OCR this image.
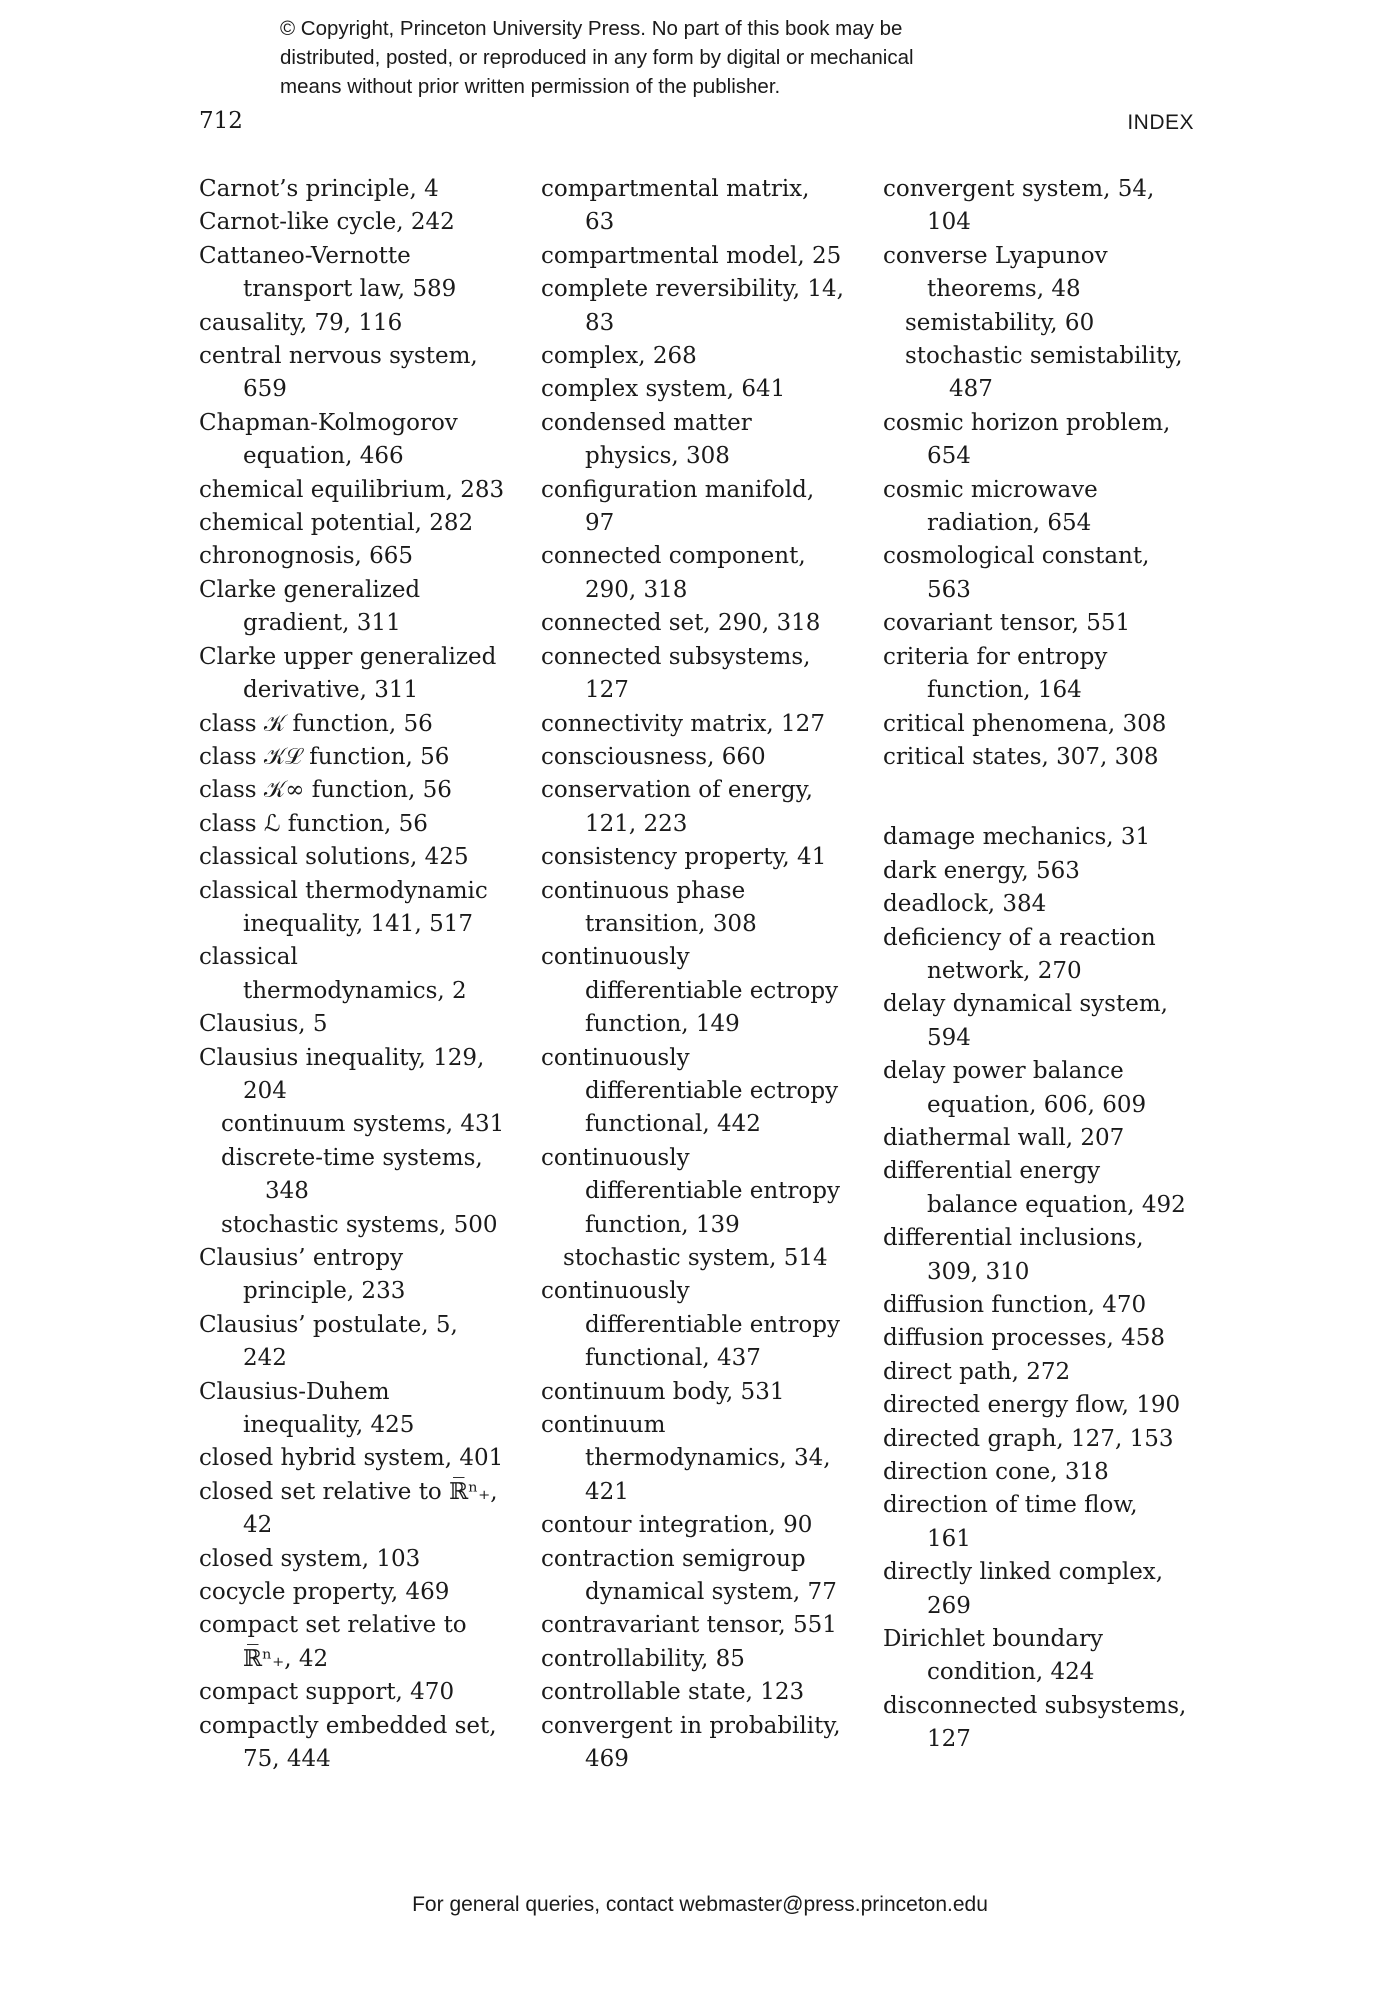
© Copyright, Princeton University Press. No part of this book may be
distributed, posted, or reproduced in any form by digital or mechanical
means without prior written permission of the publisher.
712	INDEX
Carnot’s principle, 4
Carnot-like cycle, 242
Cattaneo-Vernotte
transport law, 589
causality, 79, 116
central nervous system,
659
Chapman-Kolmogorov
equation, 466
chemical equilibrium, 283
chemical potential, 282
chronognosis, 665
Clarke generalized
gradient, 311
Clarke upper generalized
derivative, 311
class 𝒦 function, 56
class 𝒦ℒ function, 56
class 𝒦∞ function, 56
class ℒ function, 56
classical solutions, 425
classical thermodynamic
inequality, 141, 517
classical
thermodynamics, 2
Clausius, 5
Clausius inequality, 129,
204
continuum systems, 431
discrete-time systems,
348
stochastic systems, 500
Clausius’ entropy
principle, 233
Clausius’ postulate, 5,
242
Clausius-Duhem
inequality, 425
closed hybrid system, 401
closed set relative to ℝ̅ⁿ₊,
42
closed system, 103
cocycle property, 469
compact set relative to
ℝ̅ⁿ₊, 42
compact support, 470
compactly embedded set,
75, 444
compartmental matrix,
63
compartmental model, 25
complete reversibility, 14,
83
complex, 268
complex system, 641
condensed matter
physics, 308
configuration manifold,
97
connected component,
290, 318
connected set, 290, 318
connected subsystems,
127
connectivity matrix, 127
consciousness, 660
conservation of energy,
121, 223
consistency property, 41
continuous phase
transition, 308
continuously
differentiable ectropy
function, 149
continuously
differentiable ectropy
functional, 442
continuously
differentiable entropy
function, 139
stochastic system, 514
continuously
differentiable entropy
functional, 437
continuum body, 531
continuum
thermodynamics, 34,
421
contour integration, 90
contraction semigroup
dynamical system, 77
contravariant tensor, 551
controllability, 85
controllable state, 123
convergent in probability,
469
convergent system, 54,
104
converse Lyapunov
theorems, 48
semistability, 60
stochastic semistability,
487
cosmic horizon problem,
654
cosmic microwave
radiation, 654
cosmological constant,
563
covariant tensor, 551
criteria for entropy
function, 164
critical phenomena, 308
critical states, 307, 308
damage mechanics, 31
dark energy, 563
deadlock, 384
deficiency of a reaction
network, 270
delay dynamical system,
594
delay power balance
equation, 606, 609
diathermal wall, 207
differential energy
balance equation, 492
differential inclusions,
309, 310
diffusion function, 470
diffusion processes, 458
direct path, 272
directed energy flow, 190
directed graph, 127, 153
direction cone, 318
direction of time flow,
161
directly linked complex,
269
Dirichlet boundary
condition, 424
disconnected subsystems,
127
For general queries, contact webmaster@press.princeton.edu
